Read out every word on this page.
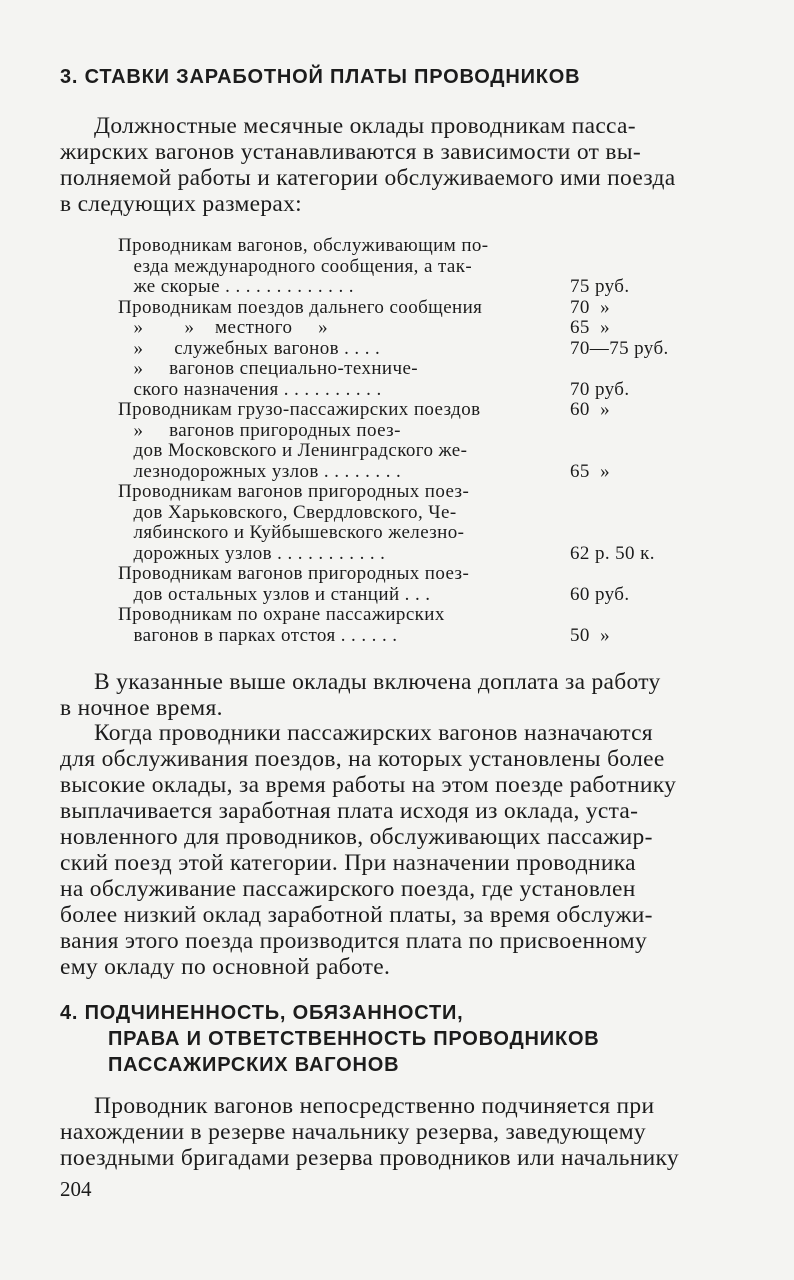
3. СТАВКИ ЗАРАБОТНОЙ ПЛАТЫ ПРОВОДНИКОВ
Должностные месячные оклады проводникам пасса-
жирских вагонов устанавливаются в зависимости от вы-
полняемой работы и категории обслуживаемого ими поезда
в следующих размерах:
Проводникам вагонов, обслуживающим по-
езда международного сообщения, а так-
же скорые . . . . . . . . . . . . .	75 руб.
Проводникам поездов дальнего сообщения	70  »
»        »    местного     »	65  »
»      служебных вагонов . . . .	70—75 руб.
»     вагонов специально-техниче-
ского назначения . . . . . . . . . .	70 руб.
Проводникам грузо-пассажирских поездов	60  »
»     вагонов пригородных поез-
дов Московского и Ленинградского же-
лезнодорожных узлов . . . . . . . .	65  »
Проводникам вагонов пригородных поез-
дов Харьковского, Свердловского, Че-
лябинского и Куйбышевского железно-
дорожных узлов . . . . . . . . . . .	62 р. 50 к.
Проводникам вагонов пригородных поез-
дов остальных узлов и станций . . .	60 руб.
Проводникам по охране пассажирских
вагонов в парках отстоя . . . . . .	50  »
В указанные выше оклады включена доплата за работу
в ночное время.
Когда проводники пассажирских вагонов назначаются
для обслуживания поездов, на которых установлены более
высокие оклады, за время работы на этом поезде работнику
выплачивается заработная плата исходя из оклада, уста-
новленного для проводников, обслуживающих пассажир-
ский поезд этой категории. При назначении проводника
на обслуживание пассажирского поезда, где установлен
более низкий оклад заработной платы, за время обслужи-
вания этого поезда производится плата по присвоенному
ему окладу по основной работе.
4. ПОДЧИНЕННОСТЬ, ОБЯЗАННОСТИ,
ПРАВА И ОТВЕТСТВЕННОСТЬ ПРОВОДНИКОВ
ПАССАЖИРСКИХ ВАГОНОВ
Проводник вагонов непосредственно подчиняется при
нахождении в резерве начальнику резерва, заведующему
поездными бригадами резерва проводников или начальнику
204
